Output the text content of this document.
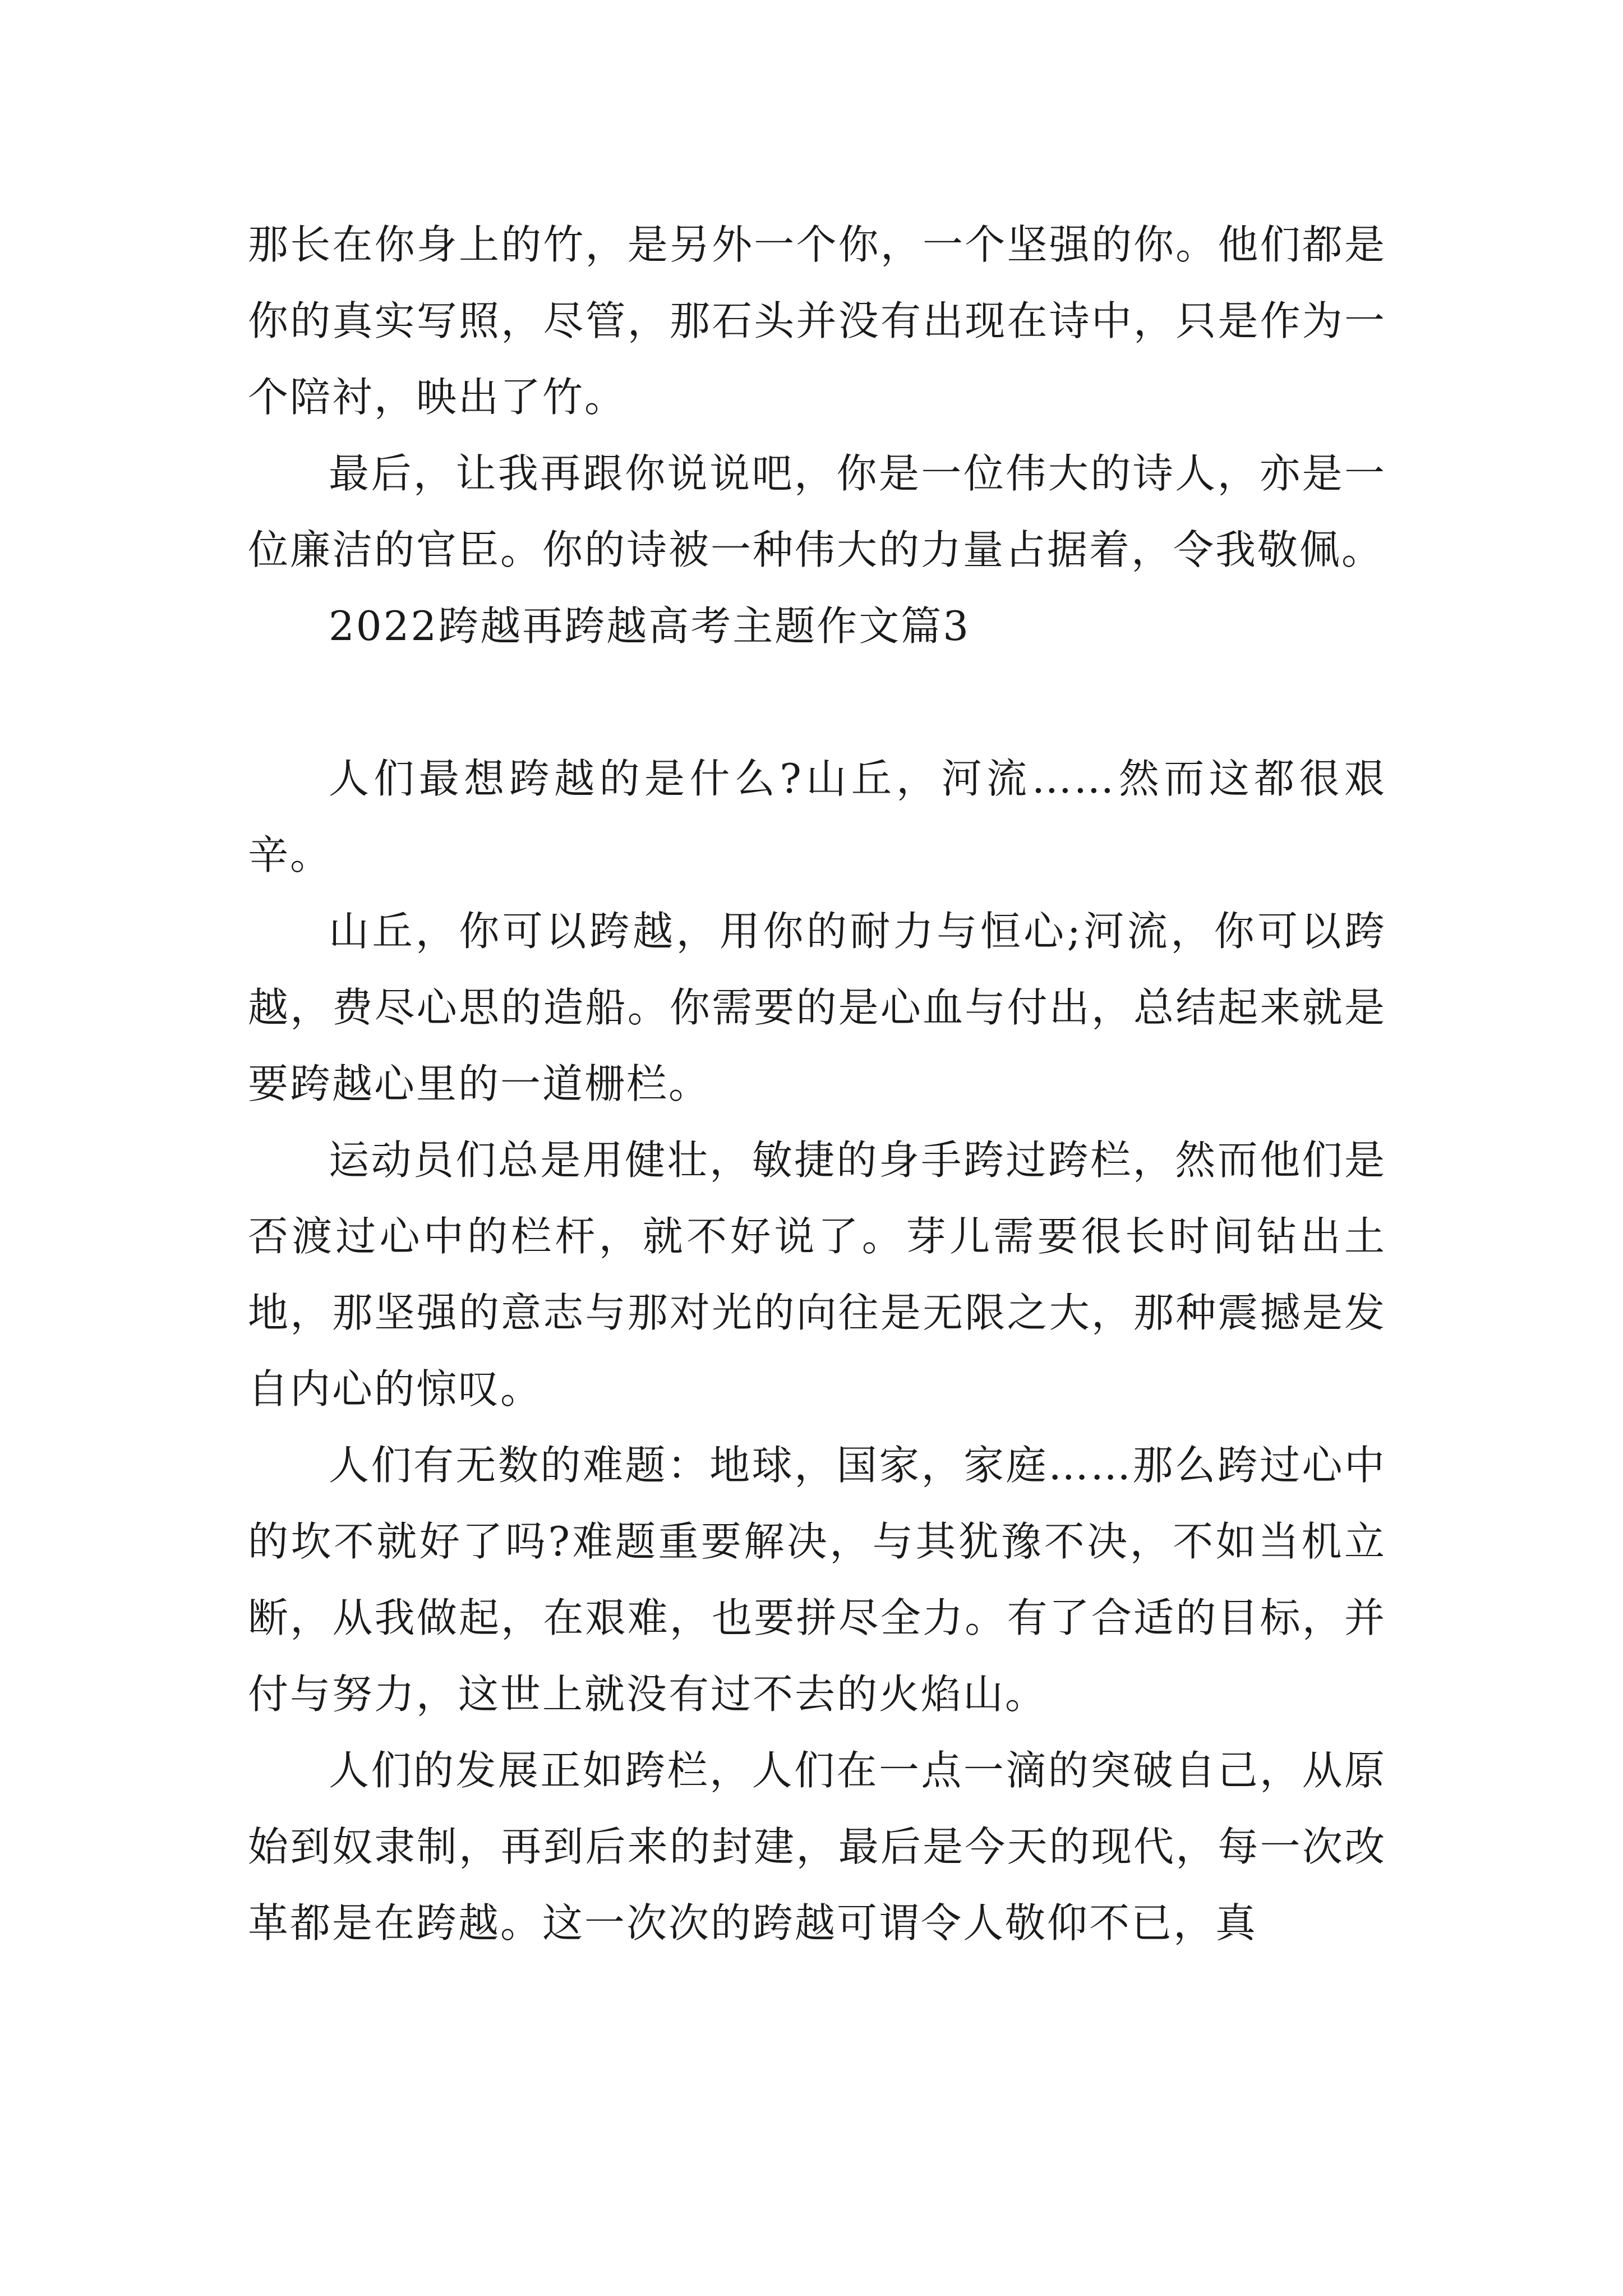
那长在你身上的竹，是另外一个你，一个坚强的你。他们都是你的真实写照，尽管，那石头并没有出现在诗中，只是作为一个陪衬，映出了竹。

最后，让我再跟你说说吧，你是一位伟大的诗人，亦是一位廉洁的官臣。你的诗被一种伟大的力量占据着，令我敬佩。

2022跨越再跨越高考主题作文篇3

人们最想跨越的是什么?山丘，河流……然而这都很艰辛。

山丘，你可以跨越，用你的耐力与恒心;河流，你可以跨越，费尽心思的造船。你需要的是心血与付出，总结起来就是要跨越心里的一道栅栏。

运动员们总是用健壮，敏捷的身手跨过跨栏，然而他们是否渡过心中的栏杆，就不好说了。芽儿需要很长时间钻出土地，那坚强的意志与那对光的向往是无限之大，那种震撼是发自内心的惊叹。

人们有无数的难题：地球，国家，家庭……那么跨过心中的坎不就好了吗?难题重要解决，与其犹豫不决，不如当机立断，从我做起，在艰难，也要拼尽全力。有了合适的目标，并付与努力，这世上就没有过不去的火焰山。

人们的发展正如跨栏，人们在一点一滴的突破自己，从原始到奴隶制，再到后来的封建，最后是今天的现代，每一次改革都是在跨越。这一次次的跨越可谓令人敬仰不已，真
